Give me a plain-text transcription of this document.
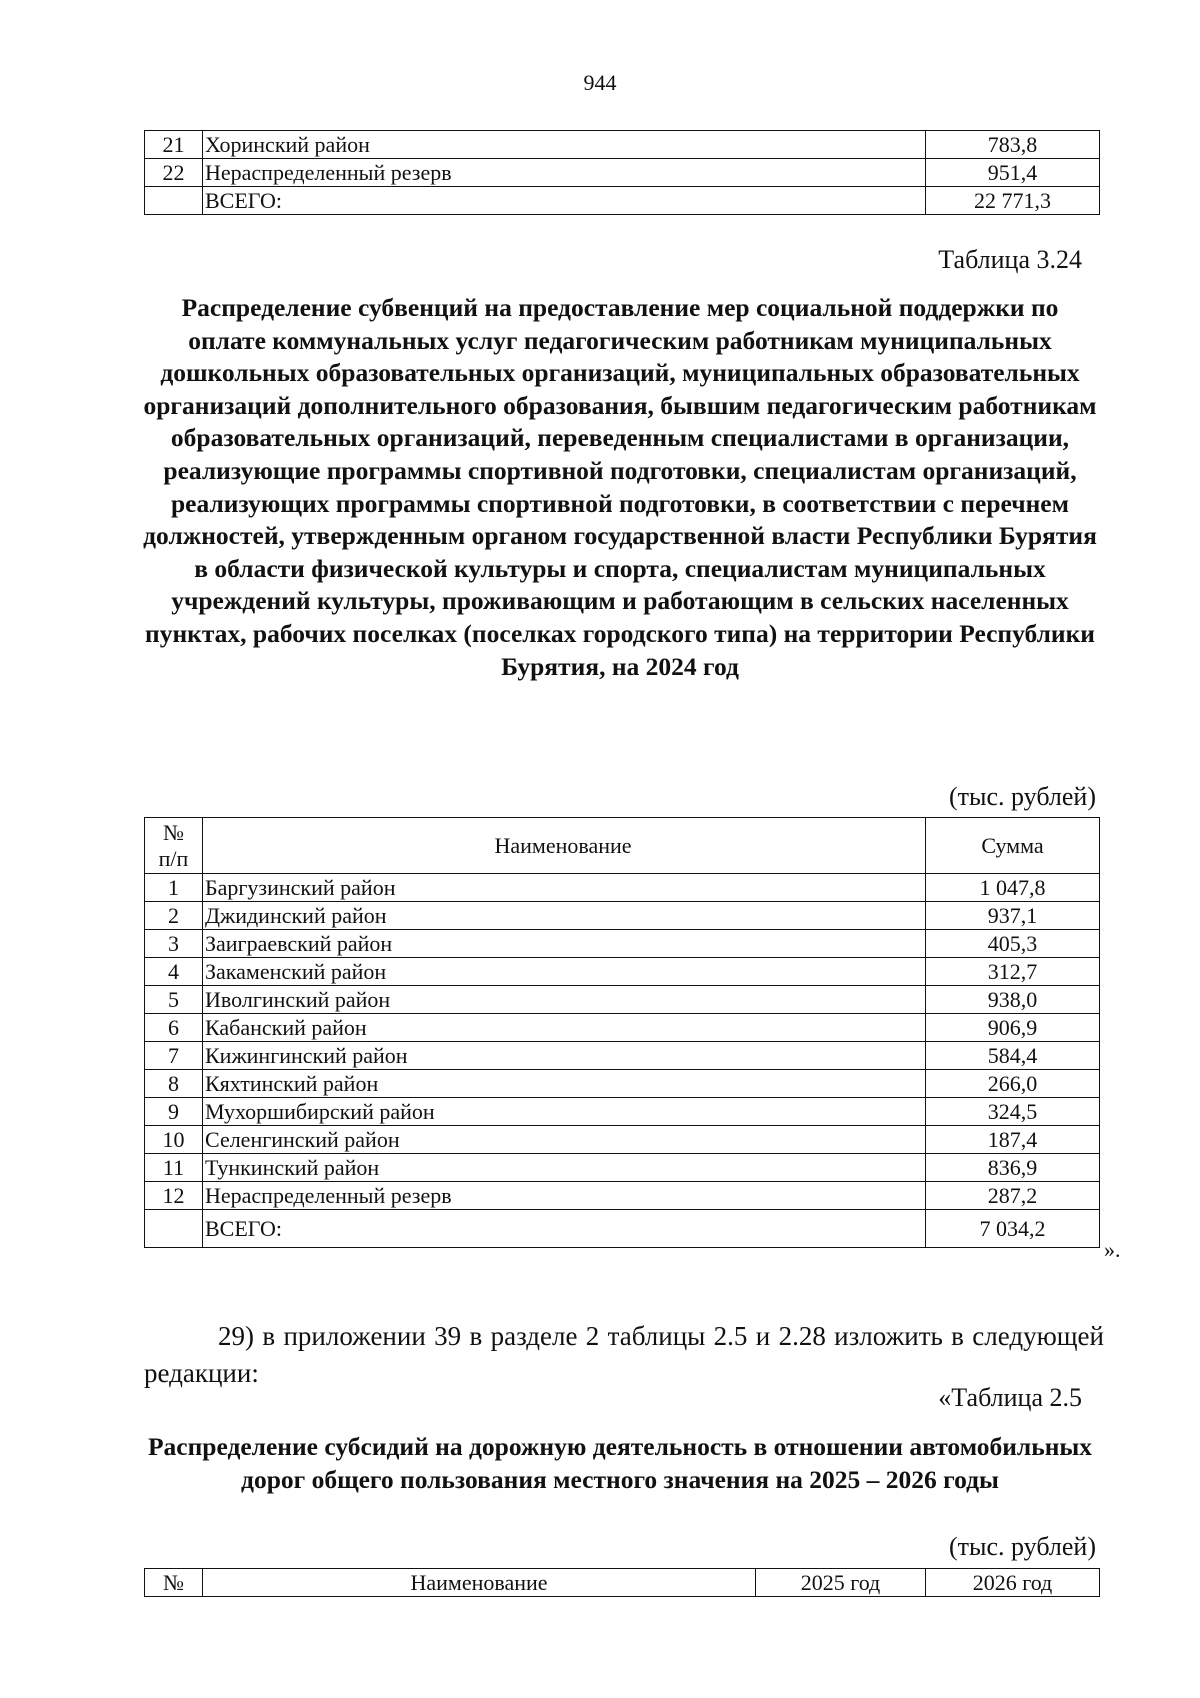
944
21	Хоринский район	783,8
22	Нераспределенный резерв	951,4
	ВСЕГО:	22 771,3
Таблица 3.24

Распределение субвенций на предоставление мер социальной поддержки по оплате коммунальных услуг педагогическим работникам муниципальных дошкольных образовательных организаций, муниципальных образовательных организаций дополнительного образования, бывшим педагогическим работникам образовательных организаций, переведенным специалистами в организации, реализующие программы спортивной подготовки, специалистам организаций, реализующих программы спортивной подготовки, в соответствии с перечнем должностей, утвержденным органом государственной власти Республики Бурятия в области физической культуры и спорта, специалистам муниципальных учреждений культуры, проживающим и работающим в сельских населенных пунктах, рабочих поселках (поселках городского типа) на территории Республики Бурятия, на 2024 год

(тыс. рублей)
№
п/п	Наименование	Сумма
1	Баргузинский район	1 047,8
2	Джидинский район	937,1
3	Заиграевский район	405,3
4	Закаменский район	312,7
5	Иволгинский район	938,0
6	Кабанский район	906,9
7	Кижингинский район	584,4
8	Кяхтинский район	266,0
9	Мухоршибирский район	324,5
10	Селенгинский район	187,4
11	Тункинский район	836,9
12	Нераспределенный резерв	287,2
	ВСЕГО:	7 034,2
».

29) в приложении 39 в разделе 2 таблицы 2.5 и 2.28 изложить в следующей редакции:

«Таблица 2.5

Распределение субсидий на дорожную деятельность в отношении автомобильных дорог общего пользования местного значения на 2025 – 2026 годы

(тыс. рублей)
№	Наименование	2025 год	2026 год
